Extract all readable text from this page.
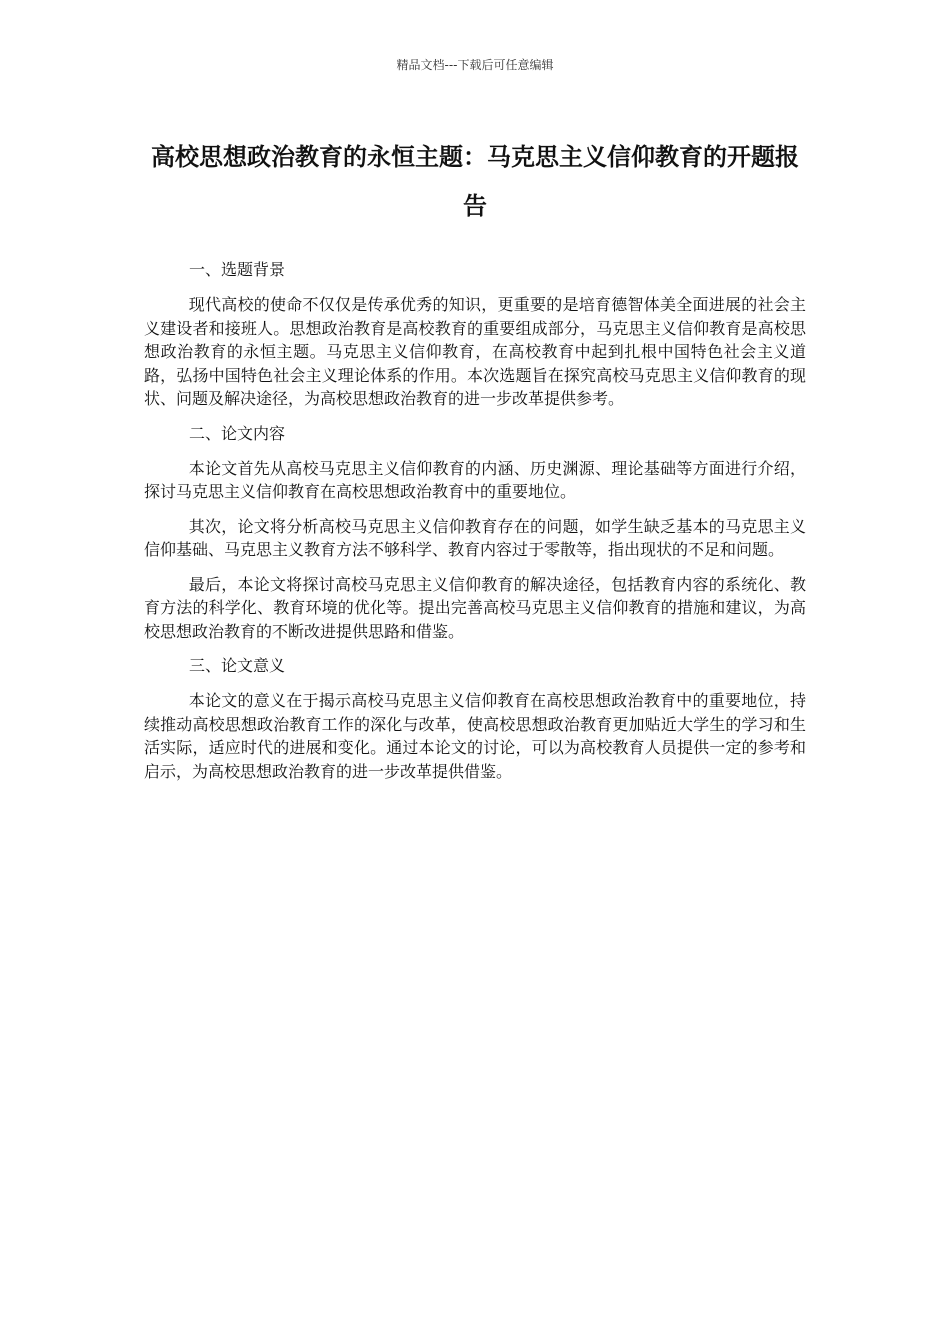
精品文档---下载后可任意编辑
高校思想政治教育的永恒主题：马克思主义信仰教育的开题报告

一、选题背景

现代高校的使命不仅仅是传承优秀的知识，更重要的是培育德智体美全面进展的社会主义建设者和接班人。思想政治教育是高校教育的重要组成部分，马克思主义信仰教育是高校思想政治教育的永恒主题。马克思主义信仰教育，在高校教育中起到扎根中国特色社会主义道路，弘扬中国特色社会主义理论体系的作用。本次选题旨在探究高校马克思主义信仰教育的现状、问题及解决途径，为高校思想政治教育的进一步改革提供参考。

二、论文内容

本论文首先从高校马克思主义信仰教育的内涵、历史渊源、理论基础等方面进行介绍，探讨马克思主义信仰教育在高校思想政治教育中的重要地位。

其次，论文将分析高校马克思主义信仰教育存在的问题，如学生缺乏基本的马克思主义信仰基础、马克思主义教育方法不够科学、教育内容过于零散等，指出现状的不足和问题。

最后，本论文将探讨高校马克思主义信仰教育的解决途径，包括教育内容的系统化、教育方法的科学化、教育环境的优化等。提出完善高校马克思主义信仰教育的措施和建议，为高校思想政治教育的不断改进提供思路和借鉴。

三、论文意义

本论文的意义在于揭示高校马克思主义信仰教育在高校思想政治教育中的重要地位，持续推动高校思想政治教育工作的深化与改革，使高校思想政治教育更加贴近大学生的学习和生活实际，适应时代的进展和变化。通过本论文的讨论，可以为高校教育人员提供一定的参考和启示，为高校思想政治教育的进一步改革提供借鉴。
